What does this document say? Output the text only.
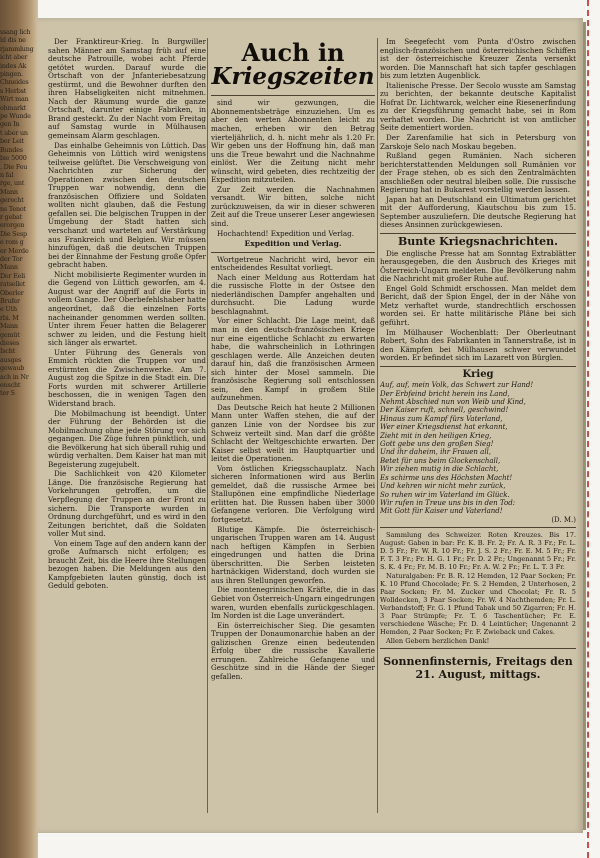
ssang lich
ld dis ne
rjammlung
icht aber
indes Ak
pingen.
Chneides
s Herbst
Wirt man
ohmarkt
pe Wunde
gen In
t aber un
ber Leit
Bundes
bie 5000
. Die Feu
n fal
rge, unt
Mann
gerecht
ns Tenot
r gebat
erorgen
Die Sesp
e rom g
er Merde
der Tor
Mann
Der Eeli
ratsellet
Oberler
Brufer
e Uth
rbi. M
Mann
gemüt
dieses
Ischt
ausges
gewaub
ach in Nr
enscht
ter S

Der Franktireur-Krieg. In Burgwiller sahen Männer am Samstag früh auf eine deutsche Patrouille, wobei acht Pferde getötet wurden. Darauf wurde die Ortschaft von der Jnfanteriebesatzung gestürmt, und die Bewohner durften den ihren Habseligkeiten nicht mitnehmen. Nach der Räumung wurde die ganze Ortschaft, darunter einige Fabriken, in Brand gesteckt. Zu der Nacht vom Freitag auf Samstag wurde in Mülhausen gemeinsam Alarm geschlagen.

Das einhalbe Geheimnis von Lüttich. Das Geheimnis von Lüttich wird wenigstens teilweise gelüftet. Die Verschweigung von Nachrichten zur Sicherung der Operationen zwischen den deutschen Truppen war notwendig, denn die französischen Offiziere und Soldaten wollten nicht glauben, daß die Festung gefallen sei. Die belgischen Truppen in der Umgebung der Stadt hatten sich verschanzt und warteten auf Verstärkung aus Frankreich und Belgien. Wir müssen hinzufügen, daß die deutschen Truppen bei der Einnahme der Festung große Opfer gebracht haben.

Nicht mobilisierte Regimenter wurden in die Gegend von Lüttich geworfen, am 4. August war der Angriff auf die Forts in vollem Gange. Der Oberbefehlshaber hatte angeordnet, daß die einzelnen Forts nacheinander genommen werden sollten. Unter ihrem Feuer hatten die Belagerer schwer zu leiden, und die Festung hielt sich länger als erwartet.

Unter Führung des Generals von Emmich rückten die Truppen vor und erstürmten die Zwischenwerke. Am 7. August zog die Spitze in die Stadt ein. Die Forts wurden mit schwerer Artillerie beschossen, die in wenigen Tagen den Widerstand brach.

Die Mobilmachung ist beendigt. Unter der Führung der Behörden ist die Mobilmachung ohne jede Störung vor sich gegangen. Die Züge fuhren pünktlich, und die Bevölkerung hat sich überall ruhig und würdig verhalten. Dem Kaiser hat man mit Begeisterung zugejubelt.

Die Sachlichkeit von 420 Kilometer Länge. Die französische Regierung hat Vorkehrungen getroffen, um die Verpflegung der Truppen an der Front zu sichern. Die Transporte wurden in Ordnung durchgeführt, und es wird in den Zeitungen berichtet, daß die Soldaten voller Mut sind.

Von einem Tage auf den andern kann der große Aufmarsch nicht erfolgen; es braucht Zeit, bis die Heere ihre Stellungen bezogen haben. Die Meldungen aus den Kampfgebieten lauten günstig, doch ist Geduld geboten.

Auch in
Kriegszeiten

sind wir gezwungen, die Abonnementsbeträge einzuziehen. Um es aber den werten Abonnenten leicht zu machen, erheben wir den Betrag vierteljährlich, d. h. nicht mehr als 1.20 Fr. Wir geben uns der Hoffnung hin, daß man uns die Treue bewahrt und die Nachnahme einlöst. Wer die Zeitung nicht mehr wünscht, wird gebeten, dies rechtzeitig der Expedition mitzuteilen.

Zur Zeit werden die Nachnahmen versandt. Wir bitten, solche nicht zurückzuweisen, da wir in dieser schweren Zeit auf die Treue unserer Leser angewiesen sind.

Hochachtend! Expedition und Verlag.

Expedition und Verlag.

Wortgetreue Nachricht wird, bevor ein entscheidendes Resultat vorliegt.

Nach einer Meldung aus Rotterdam hat die russische Flotte in der Ostsee den niederländischen Dampfer angehalten und durchsucht. Die Ladung wurde beschlagnahmt.

Vor einer Schlacht. Die Lage meint, daß man in den deutsch-französischen Kriege nur eine eigentliche Schlacht zu erwarten habe, die wahrscheinlich in Lothringen geschlagen werde. Alle Anzeichen deuten darauf hin, daß die französischen Armeen sich hinter der Mosel sammeln. Die französische Regierung soll entschlossen sein, den Kampf in großem Stile aufzunehmen.

Das Deutsche Reich hat heute 2 Millionen Mann unter Waffen stehen, die auf der ganzen Linie von der Nordsee bis zur Schweiz verteilt sind. Man darf die größte Schlacht der Weltgeschichte erwarten. Der Kaiser selbst weilt im Hauptquartier und leitet die Operationen.

Vom östlichen Kriegsschauplatz. Nach sicheren Informationen wird aus Berlin gemeldet, daß die russische Armee bei Stallupönen eine empfindliche Niederlage erlitten hat. Die Russen haben über 3000 Gefangene verloren. Die Verfolgung wird fortgesetzt.

Blutige Kämpfe. Die österreichisch-ungarischen Truppen waren am 14. August nach heftigen Kämpfen in Serbien eingedrungen und hatten die Drina überschritten. Die Serben leisteten hartnäckigen Widerstand, doch wurden sie aus ihren Stellungen geworfen.

Die montenegrinischen Kräfte, die in das Gebiet von Österreich-Ungarn eingedrungen waren, wurden ebenfalls zurückgeschlagen. Im Norden ist die Lage unverändert.

Ein österreichischer Sieg. Die gesamten Truppen der Donaumonarchie haben an der galizischen Grenze einen bedeutenden Erfolg über die russische Kavallerie errungen. Zahlreiche Gefangene und Geschütze sind in die Hände der Sieger gefallen.

Im Seegefecht vom Punta d'Ostro zwischen englisch-französischen und österreichischen Schiffen ist der österreichische Kreuzer Zenta versenkt worden. Die Mannschaft hat sich tapfer geschlagen bis zum letzten Augenblick.

Italienische Presse. Der Secolo wusste am Samstag zu berichten, der bekannte deutsche Kapitalist Hofrat Dr. Lichtwarck, welcher eine Riesenerfindung zu der Kriegsführung gemacht habe, sei in Rom verhaftet worden. Die Nachricht ist von amtlicher Seite dementiert worden.

Der Zarenfamilie hat sich in Petersburg von Zarskoje Selo nach Moskau begeben.

Rußland gegen Rumänien. Nach sicheren berichterstattenden Meldungen soll Rumänien vor der Frage stehen, ob es sich den Zentralmächten anschließen oder neutral bleiben solle. Die russische Regierung hat in Bukarest vorstellig werden lassen.

Japan hat an Deutschland ein Ultimatum gerichtet mit der Aufforderung, Kiautschou bis zum 15. September auszuliefern. Die deutsche Regierung hat dieses Ansinnen zurückgewiesen.

Bunte Kriegsnachrichten.

Die englische Presse hat am Sonntag Extrablätter herausgegeben, die den Ausbruch des Krieges mit Österreich-Ungarn meldeten. Die Bevölkerung nahm die Nachricht mit großer Ruhe auf.

Engel Gold Schmidt erschossen. Man meldet dem Bericht, daß der Spion Engel, der in der Nähe von Metz verhaftet wurde, standrechtlich erschossen worden sei. Er hatte militärische Pläne bei sich geführt.

Im Mülhauser Wochenblatt: Der Oberleutnant Robert, Sohn des Fabrikanten in Tannerstraße, ist in den Kämpfen bei Mülhausen schwer verwundet worden. Er befindet sich im Lazarett von Bürglen.

Krieg
Auf, auf, mein Volk, das Schwert zur Hand!
Der Erbfeind bricht herein ins Land,
Nehmt Abschied nun von Weib und Kind,
Der Kaiser ruft, schnell, geschwind!
Hinaus zum Kampf fürs Vaterland,
Wer einer Kriegsdienst hat erkannt,
Zieht mit in den heiligen Krieg,
Gott gebe uns den großen Sieg!
Und ihr daheim, ihr Frauen all,
Betet für uns beim Glockenschall,
Wir ziehen mutig in die Schlacht,
Es schirme uns des Höchsten Macht!
Und kehren wir nicht mehr zurück,
So ruhen wir im Vaterland im Glück.
Wir rufen in Treue uns bis in den Tod:
Mit Gott für Kaiser und Vaterland!
(D. M.)

Sammlung des Schweizer. Roten Kreuzes. Bis 17. August: Gaben in bar: Fr. K. B. Fr. 2; Fr. A. R. 3 Fr.; Fr. L. D. 5 Fr.; Fr. W. R. 10 Fr.; Fr. J. S. 2 Fr.; Fr. E. M. 5 Fr.; Fr. F. T. 3 Fr.; Fr. H. G. 1 Fr.; Fr. D. 2 Fr.; Ungenannt 5 Fr.; Fr. S. K. 4 Fr.; Fr. M. B. 10 Fr.; Fr. A. W. 2 Fr.; Fr. L. T. 3 Fr.

Naturalgaben: Fr. B. R. 12 Hemden, 12 Paar Socken; Fr. K. 10 Pfund Chocolade; Fr. S. 2 Hemden, 2 Unterhosen, 2 Paar Socken; Fr. M. Zucker und Chocolat; Fr. R. 5 Wolldecken, 3 Paar Socken; Fr. W. 4 Nachthemden; Fr. L. Verbandstoff; Fr. G. 1 Pfund Tabak und 50 Zigarren; Fr. H. 3 Paar Strümpfe; Fr. T. 6 Taschentücher; Fr. E. verschiedene Wäsche; Fr. D. 4 Leintücher; Ungenannt 2 Hemden, 2 Paar Socken; Fr. F. Zwieback und Cakes.

Allen Gebern herzlichen Dank!

Sonnenfinsternis, Freitags den 21. August, mittags.
